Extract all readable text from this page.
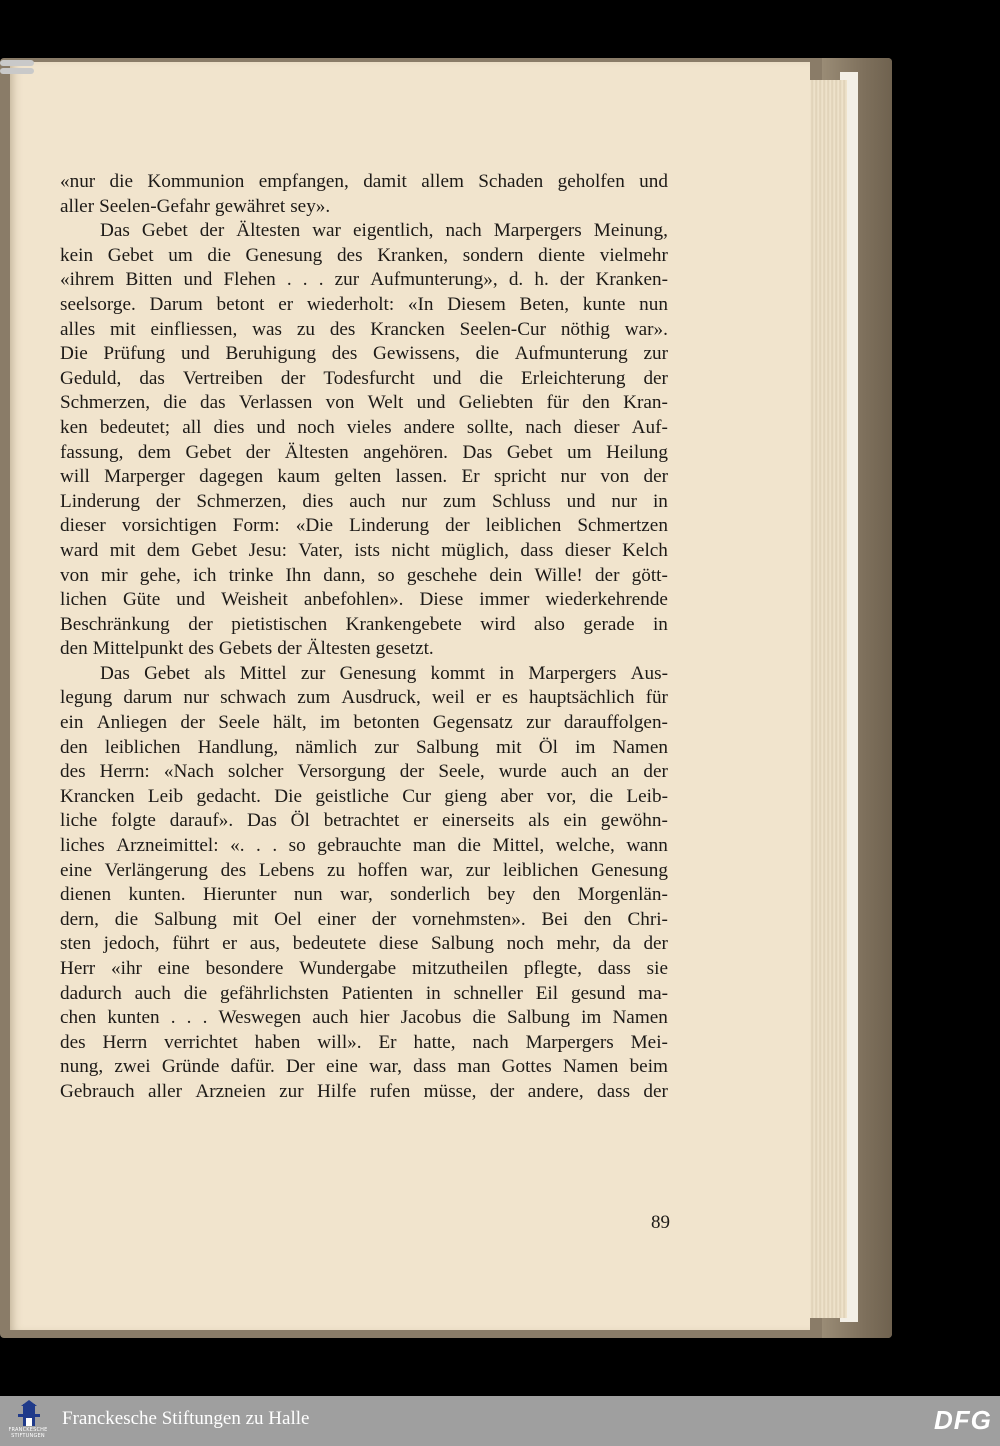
«nur die Kommunion empfangen, damit allem Schaden geholfen und
aller Seelen-Gefahr gewähret sey».
Das Gebet der Ältesten war eigentlich, nach Marpergers Meinung,
kein Gebet um die Genesung des Kranken, sondern diente vielmehr
«ihrem Bitten und Flehen . . . zur Aufmunterung», d. h. der Kranken-
seelsorge. Darum betont er wiederholt: «In Diesem Beten, kunte nun
alles mit einfliessen, was zu des Krancken Seelen-Cur nöthig war».
Die Prüfung und Beruhigung des Gewissens, die Aufmunterung zur
Geduld, das Vertreiben der Todesfurcht und die Erleichterung der
Schmerzen, die das Verlassen von Welt und Geliebten für den Kran-
ken bedeutet; all dies und noch vieles andere sollte, nach dieser Auf-
fassung, dem Gebet der Ältesten angehören. Das Gebet um Heilung
will Marperger dagegen kaum gelten lassen. Er spricht nur von der
Linderung der Schmerzen, dies auch nur zum Schluss und nur in
dieser vorsichtigen Form: «Die Linderung der leiblichen Schmertzen
ward mit dem Gebet Jesu: Vater, ists nicht müglich, dass dieser Kelch
von mir gehe, ich trinke Ihn dann, so geschehe dein Wille! der gött-
lichen Güte und Weisheit anbefohlen». Diese immer wiederkehrende
Beschränkung der pietistischen Krankengebete wird also gerade in
den Mittelpunkt des Gebets der Ältesten gesetzt.
Das Gebet als Mittel zur Genesung kommt in Marpergers Aus-
legung darum nur schwach zum Ausdruck, weil er es hauptsächlich für
ein Anliegen der Seele hält, im betonten Gegensatz zur darauffolgen-
den leiblichen Handlung, nämlich zur Salbung mit Öl im Namen
des Herrn: «Nach solcher Versorgung der Seele, wurde auch an der
Krancken Leib gedacht. Die geistliche Cur gieng aber vor, die Leib-
liche folgte darauf». Das Öl betrachtet er einerseits als ein gewöhn-
liches Arzneimittel: «. . . so gebrauchte man die Mittel, welche, wann
eine Verlängerung des Lebens zu hoffen war, zur leiblichen Genesung
dienen kunten. Hierunter nun war, sonderlich bey den Morgenlän-
dern, die Salbung mit Oel einer der vornehmsten». Bei den Chri-
sten jedoch, führt er aus, bedeutete diese Salbung noch mehr, da der
Herr «ihr eine besondere Wundergabe mitzutheilen pflegte, dass sie
dadurch auch die gefährlichsten Patienten in schneller Eil gesund ma-
chen kunten . . . Weswegen auch hier Jacobus die Salbung im Namen
des Herrn verrichtet haben will». Er hatte, nach Marpergers Mei-
nung, zwei Gründe dafür. Der eine war, dass man Gottes Namen beim
Gebrauch aller Arzneien zur Hilfe rufen müsse, der andere, dass der
89
FRANCKESCHE
STIFTUNGEN
Franckesche Stiftungen zu Halle	DFG
